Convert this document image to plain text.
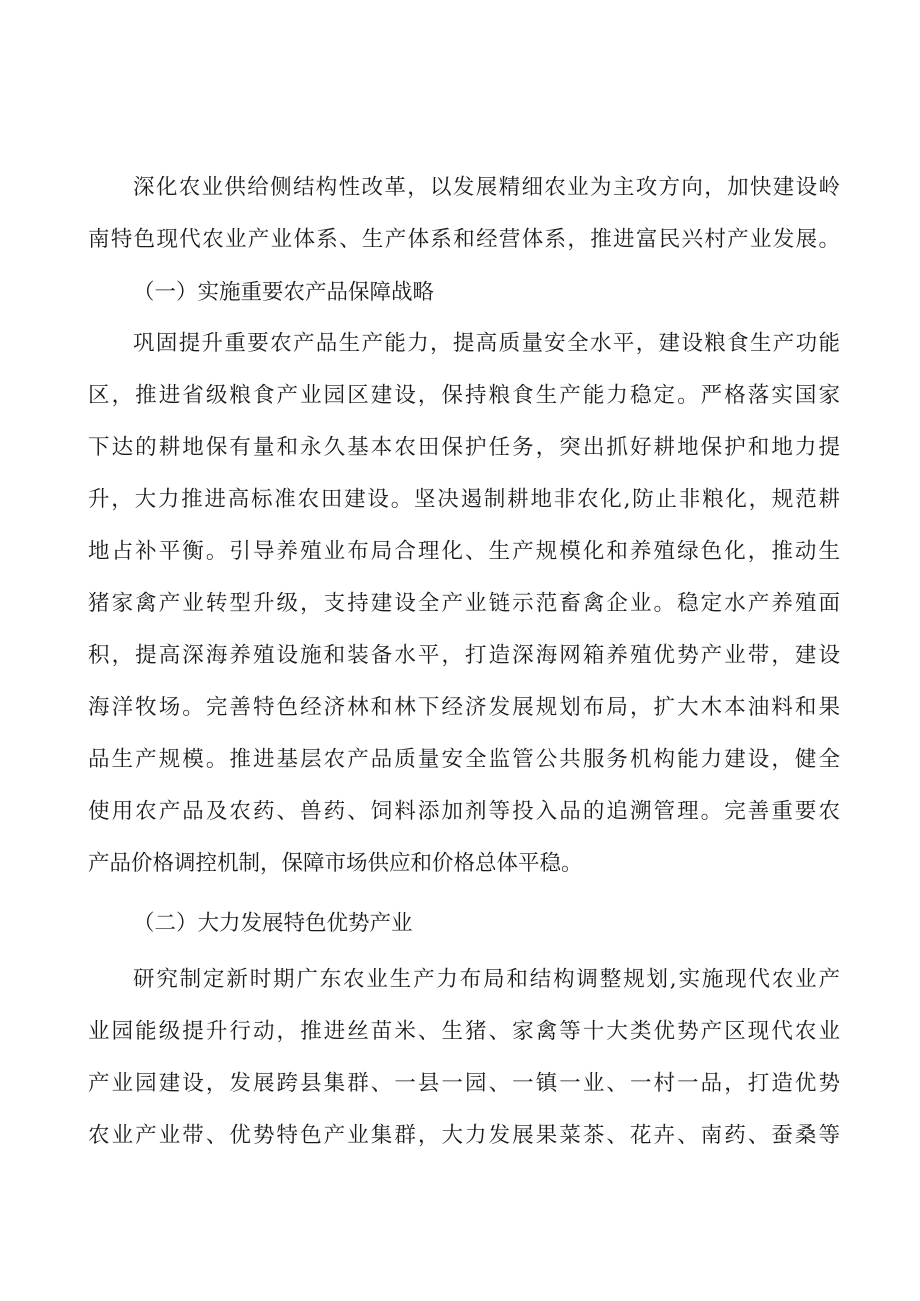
深化农业供给侧结构性改革，以发展精细农业为主攻方向，加快建设岭
南特色现代农业产业体系、生产体系和经营体系，推进富民兴村产业发展。
（一）实施重要农产品保障战略
巩固提升重要农产品生产能力，提高质量安全水平，建设粮食生产功能
区，推进省级粮食产业园区建设，保持粮食生产能力稳定。严格落实国家
下达的耕地保有量和永久基本农田保护任务，突出抓好耕地保护和地力提
升，大力推进高标准农田建设。坚决遏制耕地非农化,防止非粮化，规范耕
地占补平衡。引导养殖业布局合理化、生产规模化和养殖绿色化，推动生
猪家禽产业转型升级，支持建设全产业链示范畜禽企业。稳定水产养殖面
积，提高深海养殖设施和装备水平，打造深海网箱养殖优势产业带，建设
海洋牧场。完善特色经济林和林下经济发展规划布局，扩大木本油料和果
品生产规模。推进基层农产品质量安全监管公共服务机构能力建设，健全
使用农产品及农药、兽药、饲料添加剂等投入品的追溯管理。完善重要农
产品价格调控机制，保障市场供应和价格总体平稳。
（二）大力发展特色优势产业
研究制定新时期广东农业生产力布局和结构调整规划,实施现代农业产
业园能级提升行动，推进丝苗米、生猪、家禽等十大类优势产区现代农业
产业园建设，发展跨县集群、一县一园、一镇一业、一村一品，打造优势
农业产业带、优势特色产业集群，大力发展果菜茶、花卉、南药、蚕桑等
